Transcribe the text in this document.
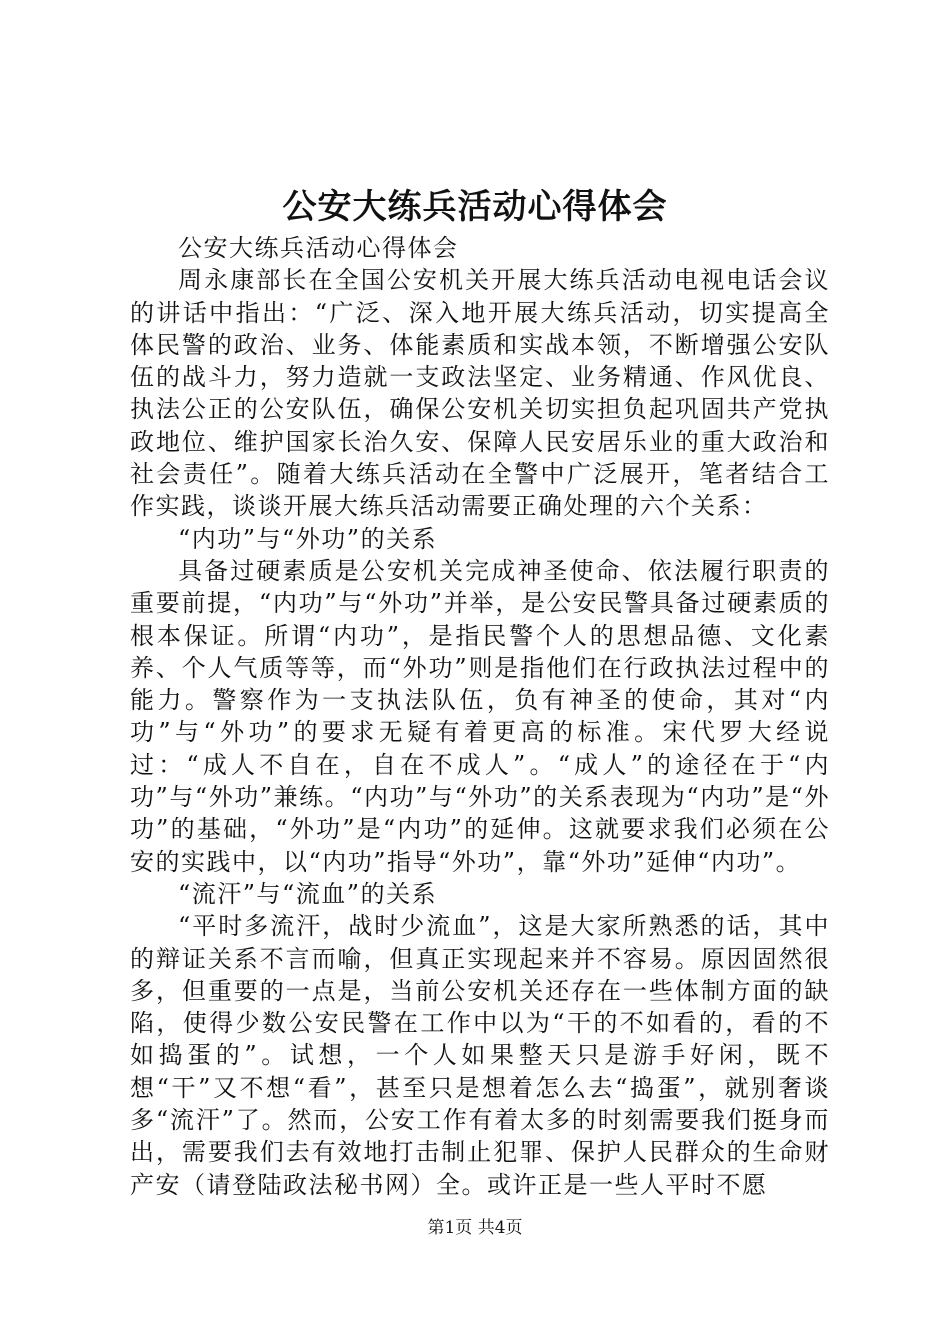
公安大练兵活动心得体会

公安大练兵活动心得体会

周永康部长在全国公安机关开展大练兵活动电视电话会议的讲话中指出：“广泛、深入地开展大练兵活动，切实提高全体民警的政治、业务、体能素质和实战本领，不断增强公安队伍的战斗力，努力造就一支政法坚定、业务精通、作风优良、执法公正的公安队伍，确保公安机关切实担负起巩固共产党执政地位、维护国家长治久安、保障人民安居乐业的重大政治和社会责任”。随着大练兵活动在全警中广泛展开，笔者结合工作实践，谈谈开展大练兵活动需要正确处理的六个关系：

“内功”与“外功”的关系

具备过硬素质是公安机关完成神圣使命、依法履行职责的重要前提，“内功”与“外功”并举，是公安民警具备过硬素质的根本保证。所谓“内功”，是指民警个人的思想品德、文化素养、个人气质等等，而“外功”则是指他们在行政执法过程中的能力。警察作为一支执法队伍，负有神圣的使命，其对“内功”与“外功”的要求无疑有着更高的标准。宋代罗大经说过：“成人不自在，自在不成人”。“成人”的途径在于“内功”与“外功”兼练。“内功”与“外功”的关系表现为“内功”是“外功”的基础，“外功”是“内功”的延伸。这就要求我们必须在公安的实践中，以“内功”指导“外功”，靠“外功”延伸“内功”。

“流汗”与“流血”的关系

“平时多流汗，战时少流血”，这是大家所熟悉的话，其中的辩证关系不言而喻，但真正实现起来并不容易。原因固然很多，但重要的一点是，当前公安机关还存在一些体制方面的缺陷，使得少数公安民警在工作中以为“干的不如看的，看的不如捣蛋的”。试想，一个人如果整天只是游手好闲，既不想“干”又不想“看”，甚至只是想着怎么去“捣蛋”，就别奢谈多“流汗”了。然而，公安工作有着太多的时刻需要我们挺身而出，需要我们去有效地打击制止犯罪、保护人民群众的生命财产安（请登陆政法秘书网）全。或许正是一些人平时不愿

第1页 共4页
